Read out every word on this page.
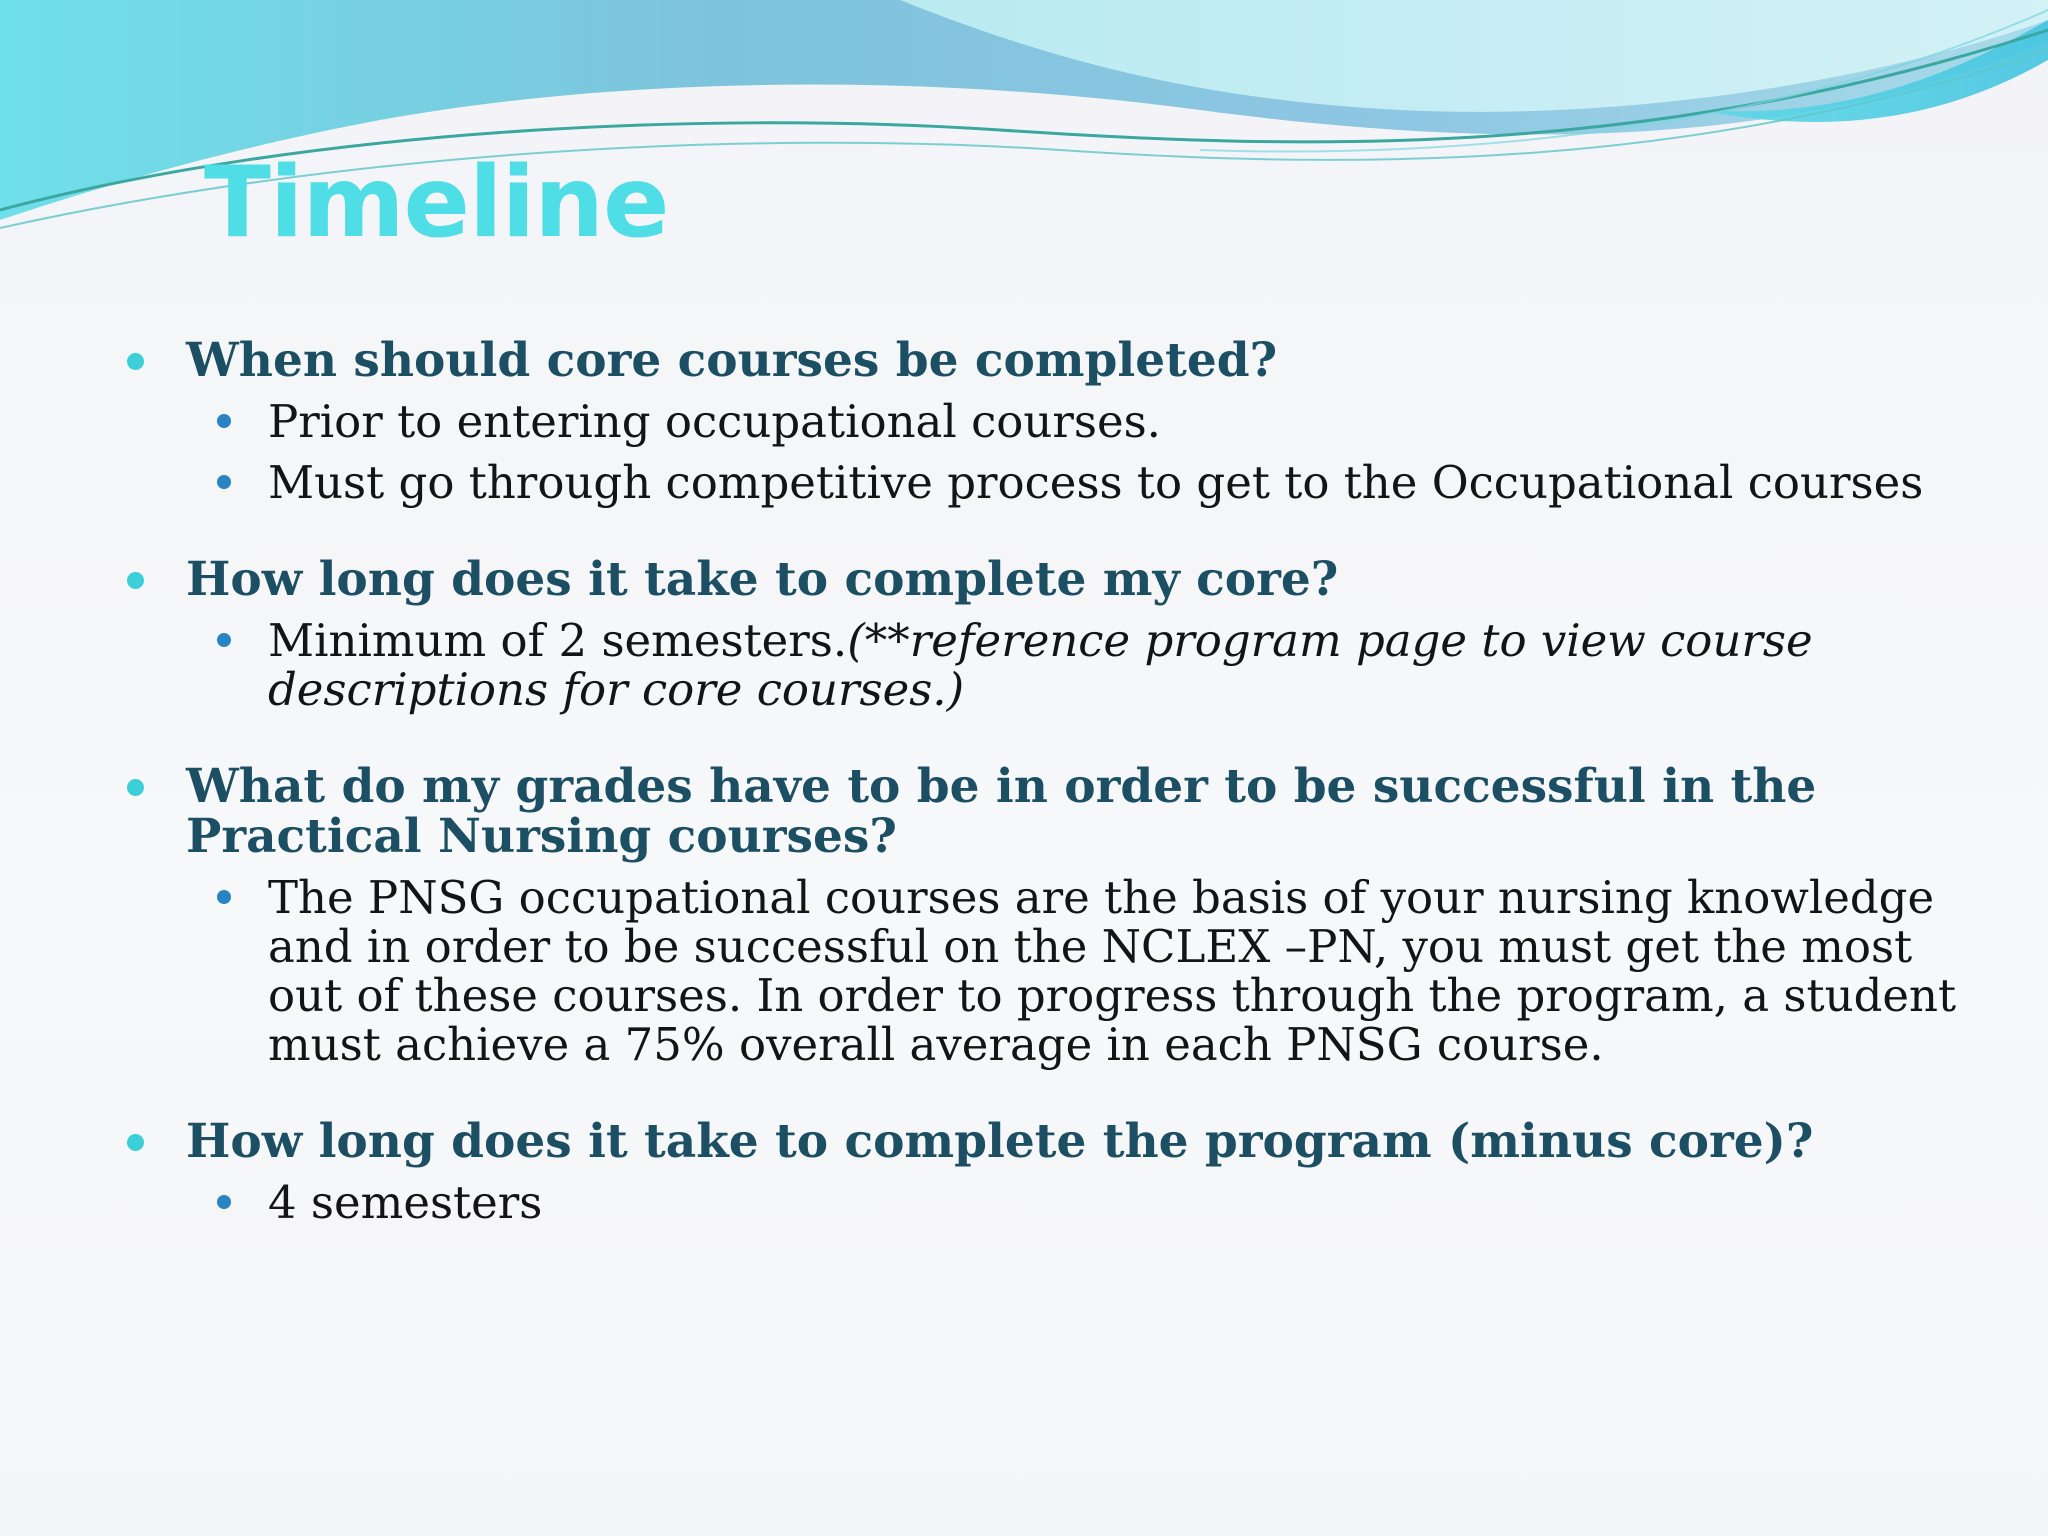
Timeline
When should core courses be completed?
Prior to entering occupational courses.
Must go through competitive process to get to the Occupational courses
How long does it take to complete my core?
Minimum of 2 semesters.(**reference program page to view course descriptions for core courses.)
What do my grades have to be in order to be successful in the Practical Nursing courses?
The PNSG occupational courses are the basis of your nursing knowledge and in order to be successful on the NCLEX –PN, you must get the most out of these courses. In order to progress through the program, a student must achieve a 75% overall average in each PNSG course.
How long does it take to complete the program (minus core)?
4 semesters
